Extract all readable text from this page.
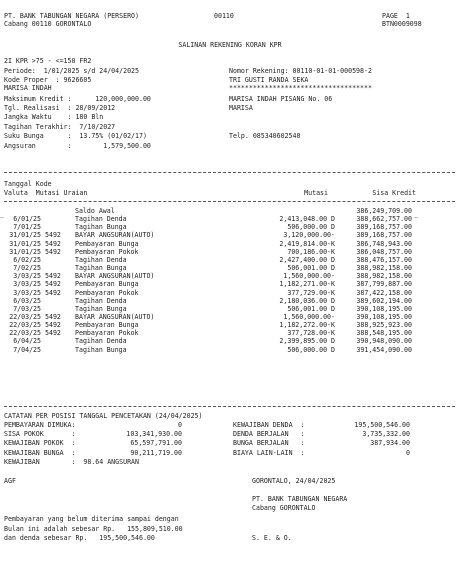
PT. BANK TABUNGAN NEGARA (PERSERO)
Cabang 00110 GORONTALO
00110	PAGE  1
BTN0009098
SALINAN REKENING KORAN KPR
2I KPR >75 - <=150 FR2
Periode:  1/01/2025 s/d 24/04/2025
Kode Proper  : 9626605
MARISA INDAH
Maksimum Kredit :      120,000,000.00
Tgl. Realisasi  : 28/09/2012
Jangka Waktu    : 180 Bln
Tagihan Terakhir:  7/10/2027
Suku Bunga      :  13.75% (01/02/17)
Angsuran        :        1,579,500.00
Nomor Rekening: 00110-01-01-000598-2
TRI GUSTI RANDA SEKA
************************************
MARISA INDAH PISANG No. 06
MARISA
Telp. 085340602540
Tanggal Kode
Valuta  Mutasi Uraian	Mutasi	Sisa Kredit
_	_
Saldo Awal	386,249,709.00
6/01/25	Tagihan Denda	2,413,048.00 D	388,662,757.00
7/01/25	Tagihan Bunga	506,000.00 D	389,168,757.00
31/01/25 5492	BAYAR ANGSURAN(AUTO)	3,120,000.00-	389,168,757.00
31/01/25 5492	Pembayaran Bunga	2,419,814.00-K	386,748,943.00
31/01/25 5492	Pembayaran Pokok	700,186.00-K	386,048,757.00
6/02/25	Tagihan Denda	2,427,400.00 D	388,476,157.00
7/02/25	Tagihan Bunga	506,001.00 D	388,982,158.00
3/03/25 5492	BAYAR ANGSURAN(AUTO)	1,560,000.00-	388,982,158.00
3/03/25 5492	Pembayaran Bunga	1,182,271.00-K	387,799,887.00
3/03/25 5492	Pembayaran Pokok	377,729.00-K	387,422,158.00
6/03/25	Tagihan Denda	2,180,036.00 D	389,602,194.00
7/03/25	Tagihan Bunga	506,001.00 D	390,108,195.00
22/03/25 5492	BAYAR ANGSURAN(AUTO)	1,560,000.00-	390,108,195.00
22/03/25 5492	Pembayaran Bunga	1,182,272.00-K	388,925,923.00
22/03/25 5492	Pembayaran Pokok	377,728.00-K	388,548,195.00
6/04/25	Tagihan Denda	2,399,895.00 D	390,948,090.00
7/04/25	Tagihan Bunga	506,000.00 D	391,454,090.00
CATATAN PER POSISI TANGGAL PENCETAKAN (24/04/2025)
PEMBAYARAN DIMUKA:	0
SISA POKOK       :	103,341,930.00
KEWAJIBAN POKOK  :	65,597,791.00
KEWAJIBAN BUNGA  :	90,211,719.00
KEWAJIBAN        :  98.64 ANGSURAN
KEWAJIBAN DENDA  :	195,500,546.00
DENDA BERJALAN   :	3,735,332.00
BUNGA BERJALAN   :	387,934.00
BIAYA LAIN-LAIN  :	0
AGF	GORONTALO, 24/04/2025
PT. BANK TABUNGAN NEGARA
Cabang GORONTALO
Pembayaran yang belum diterima sampai dengan
Bulan ini adalah sebesar Rp.   155,809,510.00
dan denda sebesar Rp.   195,500,546.00	S. E. & O.
